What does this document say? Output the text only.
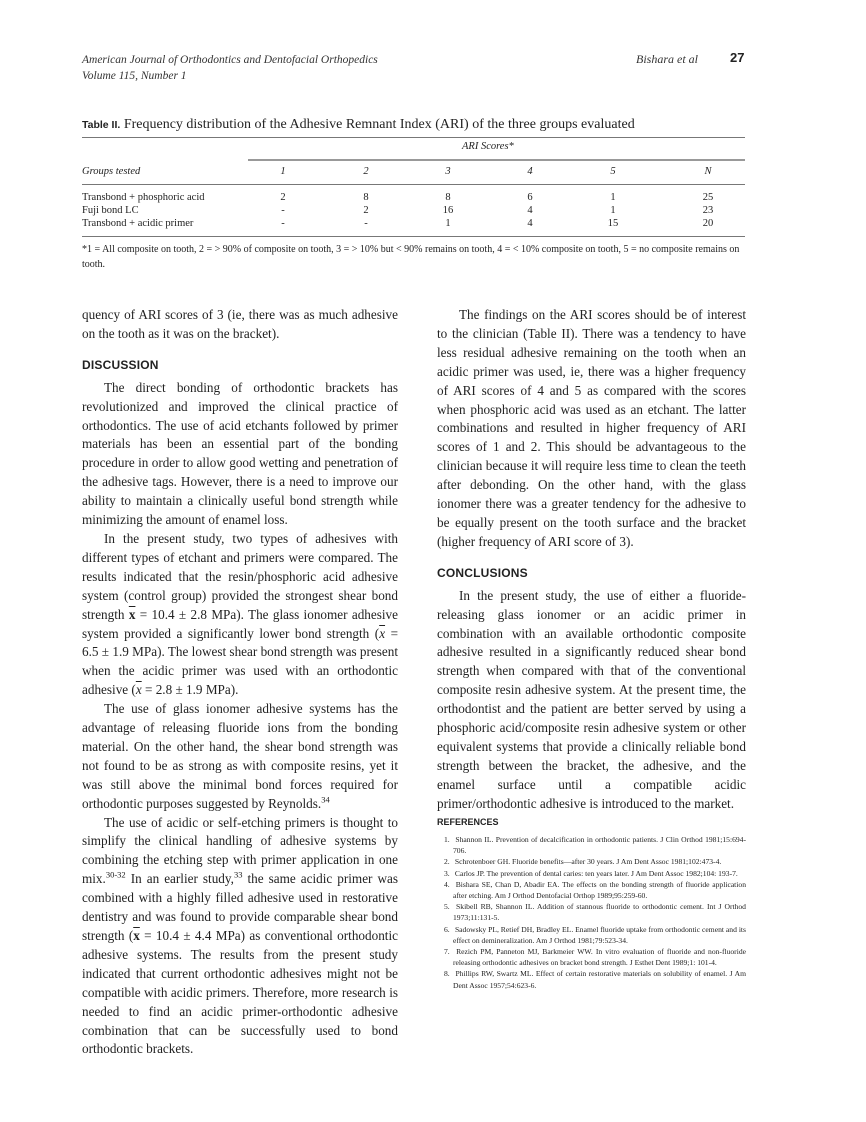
American Journal of Orthodontics and Dentofacial Orthopedics
Volume 115, Number 1
Bishara et al 27
Table II. Frequency distribution of the Adhesive Remnant Index (ARI) of the three groups evaluated
ARI Scores*
Groups tested	1	2	3	4	5	N
Transbond + phosphoric acid	2	8	8	6	1	25
Fuji bond LC	-	2	16	4	1	23
Transbond + acidic primer	-	-	1	4	15	20
*1 = All composite on tooth, 2 = > 90% of composite on tooth, 3 = > 10% but < 90% remains on tooth, 4 = < 10% composite on tooth, 5 = no composite remains on tooth.

quency of ARI scores of 3 (ie, there was as much adhesive on the tooth as it was on the bracket).

DISCUSSION

The direct bonding of orthodontic brackets has revolutionized and improved the clinical practice of orthodontics. The use of acid etchants followed by primer materials has been an essential part of the bonding procedure in order to allow good wetting and penetration of the adhesive tags. However, there is a need to improve our ability to maintain a clinically useful bond strength while minimizing the amount of enamel loss.

In the present study, two types of adhesives with different types of etchant and primers were compared. The results indicated that the resin/phosphoric acid adhesive system (control group) provided the strongest shear bond strength $\overline{x} = 10.4 \pm 2.8$ MPa). The glass ionomer adhesive system provided a significantly lower bond strength ($\overline{x} = 6.5 \pm 1.9$ MPa). The lowest shear bond strength was present when the acidic primer was used with an orthodontic adhesive ($\overline{x} = 2.8 \pm 1.9$ MPa).

The use of glass ionomer adhesive systems has the advantage of releasing fluoride ions from the bonding material. On the other hand, the shear bond strength was not found to be as strong as with composite resins, yet it was still above the minimal bond forces required for orthodontic purposes suggested by Reynolds.$^{34}$

The use of acidic or self-etching primers is thought to simplify the clinical handling of adhesive systems by combining the etching step with primer application in one mix.$^{30-32}$ In an earlier study,$^{33}$ the same acidic primer was combined with a highly filled adhesive used in restorative dentistry and was found to provide comparable shear bond strength ($\overline{x} = 10.4 \pm 4.4$ MPa) as conventional orthodontic adhesive systems. The results from the present study indicated that current orthodontic adhesives might not be compatible with acidic primers. Therefore, more research is needed to find an acidic primer-orthodontic adhesive combination that can be successfully used to bond orthodontic brackets.

The findings on the ARI scores should be of interest to the clinician (Table II). There was a tendency to have less residual adhesive remaining on the tooth when an acidic primer was used, ie, there was a higher frequency of ARI scores of 4 and 5 as compared with the scores when phosphoric acid was used as an etchant. The latter combinations and resulted in higher frequency of ARI scores of 1 and 2. This should be advantageous to the clinician because it will require less time to clean the teeth after debonding. On the other hand, with the glass ionomer there was a greater tendency for the adhesive to be equally present on the tooth surface and the bracket (higher frequency of ARI score of 3).

CONCLUSIONS

In the present study, the use of either a fluoride-releasing glass ionomer or an acidic primer in combination with an available orthodontic composite adhesive resulted in a significantly reduced shear bond strength when compared with that of the conventional composite resin adhesive system. At the present time, the orthodontist and the patient are better served by using a phosphoric acid/composite resin adhesive system or other equivalent systems that provide a clinically reliable bond strength between the bracket, the adhesive, and the enamel surface until a compatible acidic primer/orthodontic adhesive is introduced to the market.

REFERENCES
1. Shannon IL. Prevention of decalcification in orthodontic patients. J Clin Orthod 1981;15:694-706.
2. Schrotenboer GH. Fluoride benefits—after 30 years. J Am Dent Assoc 1981;102:473-4.
3. Carlos JP. The prevention of dental caries: ten years later. J Am Dent Assoc 1982;104: 193-7.
4. Bishara SE, Chan D, Abadir EA. The effects on the bonding strength of fluoride application after etching. Am J Orthod Dentofacial Orthop 1989;95:259-60.
5. Skibell RB, Shannon IL. Addition of stannous fluoride to orthodontic cement. Int J Orthod 1973;11:131-5.
6. Sadowsky PL, Retief DH, Bradley EL. Enamel fluoride uptake from orthodontic cement and its effect on demineralization. Am J Orthod 1981;79:523-34.
7. Rezich PM, Panneton MJ, Barkmeier WW. In vitro evaluation of fluoride and non-fluoride releasing orthodontic adhesives on bracket bond strength. J Esthet Dent 1989;1: 101-4.
8. Phillips RW, Swartz ML. Effect of certain restorative materials on solubility of enamel. J Am Dent Assoc 1957;54:623-6.
